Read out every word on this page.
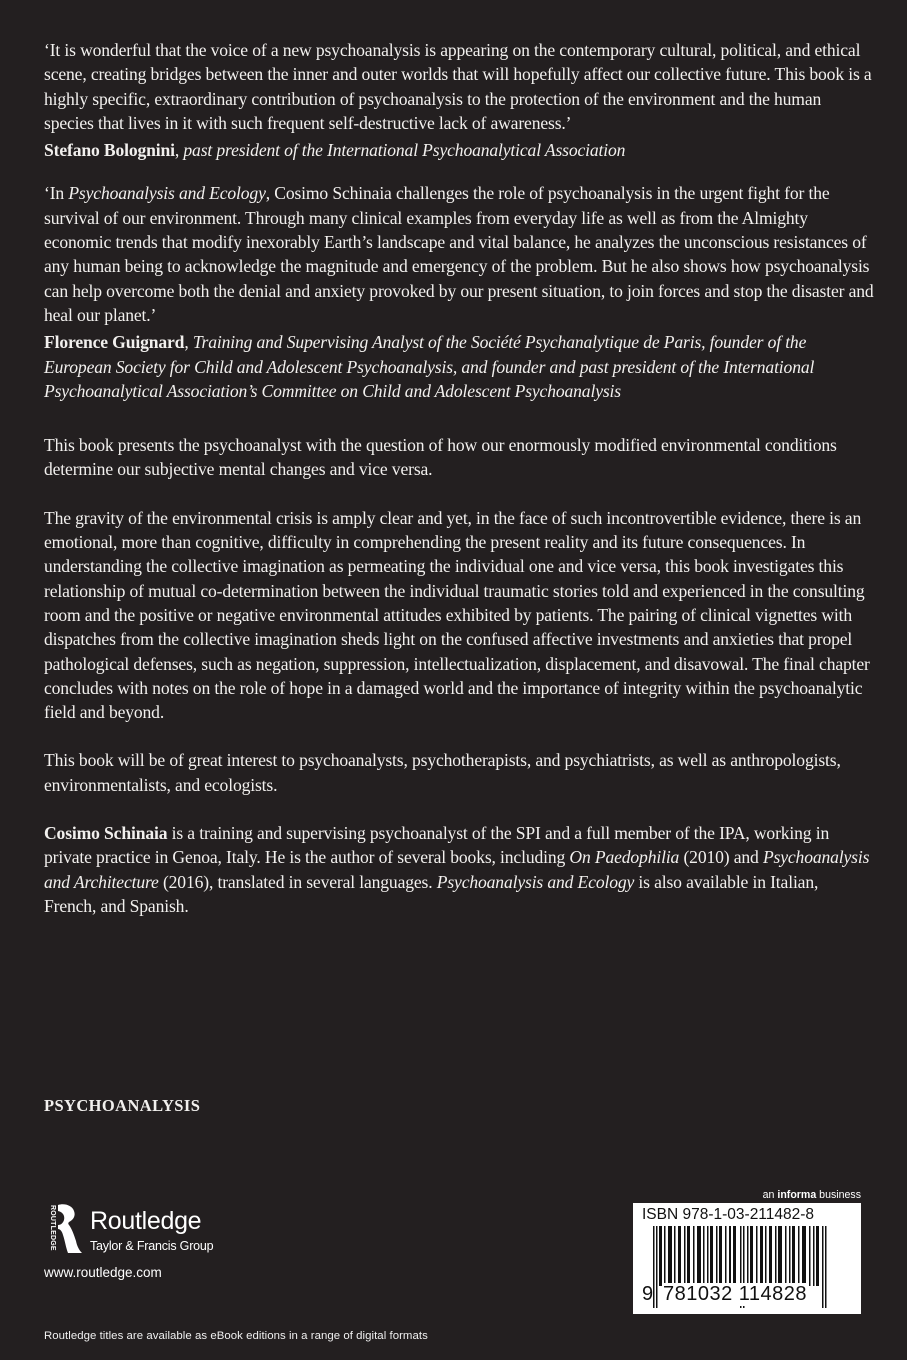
‘It is wonderful that the voice of a new psychoanalysis is appearing on the contemporary cultural, political, and ethical scene, creating bridges between the inner and outer worlds that will hopefully affect our collective future. This book is a highly specific, extraordinary contribution of psychoanalysis to the protection of the environment and the human species that lives in it with such frequent self-destructive lack of awareness.’

Stefano Bolognini, past president of the International Psychoanalytical Association

‘In Psychoanalysis and Ecology, Cosimo Schinaia challenges the role of psychoanalysis in the urgent fight for the survival of our environment. Through many clinical examples from everyday life as well as from the Almighty economic trends that modify inexorably Earth’s landscape and vital balance, he analyzes the unconscious resistances of any human being to acknowledge the magnitude and emergency of the problem. But he also shows how psychoanalysis can help overcome both the denial and anxiety provoked by our present situation, to join forces and stop the disaster and heal our planet.’

Florence Guignard, Training and Supervising Analyst of the Société Psychanalytique de Paris, founder of the European Society for Child and Adolescent Psychoanalysis, and founder and past president of the International Psychoanalytical Association’s Committee on Child and Adolescent Psychoanalysis

This book presents the psychoanalyst with the question of how our enormously modified environmental conditions determine our subjective mental changes and vice versa.

The gravity of the environmental crisis is amply clear and yet, in the face of such incontrovertible evidence, there is an emotional, more than cognitive, difficulty in comprehending the present reality and its future consequences. In understanding the collective imagination as permeating the individual one and vice versa, this book investigates this relationship of mutual co-determination between the individual traumatic stories told and experienced in the consulting room and the positive or negative environmental attitudes exhibited by patients. The pairing of clinical vignettes with dispatches from the collective imagination sheds light on the confused affective investments and anxieties that propel pathological defenses, such as negation, suppression, intellectualization, displacement, and disavowal. The final chapter concludes with notes on the role of hope in a damaged world and the importance of integrity within the psychoanalytic field and beyond.

This book will be of great interest to psychoanalysts, psychotherapists, and psychiatrists, as well as anthropologists, environmentalists, and ecologists.

Cosimo Schinaia is a training and supervising psychoanalyst of the SPI and a full member of the IPA, working in private practice in Genoa, Italy. He is the author of several books, including On Paedophilia (2010) and Psychoanalysis and Architecture (2016), translated in several languages. Psychoanalysis and Ecology is also available in Italian, French, and Spanish.

PSYCHOANALYSIS
ROUTLEDGE Routledge
Taylor & Francis Group
www.routledge.com
Routledge titles are available as eBook editions in a range of digital formats
an informa business
ISBN 978-1-03-211482-8
9 781032 114828
